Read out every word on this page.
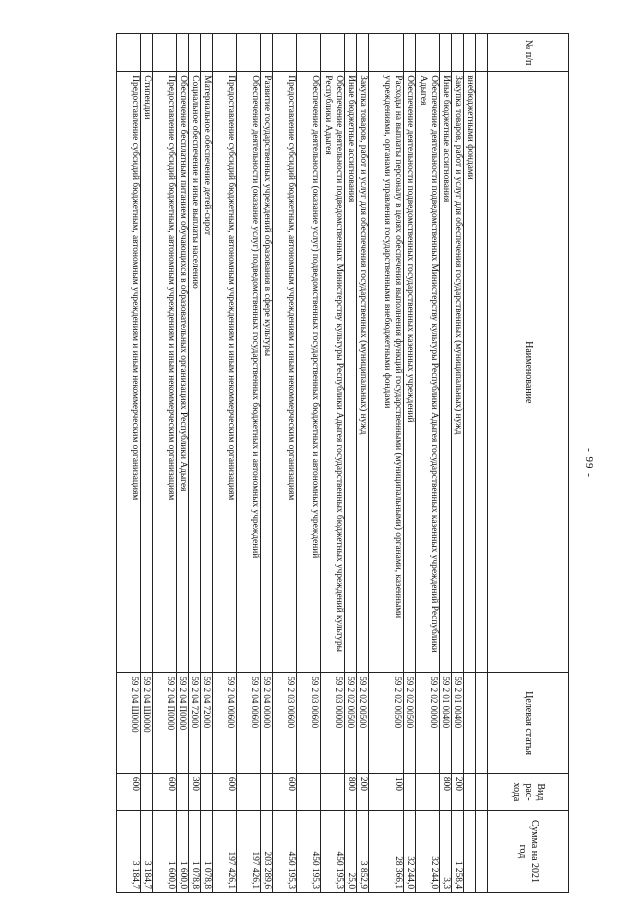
- 99 -
№ п/п	Наименование	Целевая статья	Вид рас-хода	Сумма на 2021 год

	внебюджетными фондами			
	Закупка товаров, работ и услуг для обеспечения государственных (муниципальных) нужд	59 2 01 00400	200	1 258,4
	Иные бюджетные ассигнования	59 2 01 00400	800	3,3
	Обеспечение деятельности подведомственных Министерству культуры Республики Адыгея государственных казенных учреждений Республики Адыгея	59 2 02 00000		32 244,0
	Обеспечение деятельности подведомственных государственных казенных учреждений	59 2 02 00500		32 244,0
	Расходы на выплаты персоналу в целях обеспечения выполнения функций государственными (муниципальными) органами, казенными учреждениями, органами управления государственными внебюджетными фондами	59 2 02 00500	100	28 366,1
	Закупка товаров, работ и услуг для обеспечения государственных (муниципальных) нужд	59 2 02 00500	200	3 852,9
	Иные бюджетные ассигнования	59 2 02 00500	800	25,0
	Обеспечение деятельности подведомственных Министерству культуры Республики Адыгея государственных бюджетных учреждений культуры Республики Адыгея	59 2 03 00000		450 195,3
	Обеспечение деятельности (оказание услуг) подведомственных государственных бюджетных и автономных учреждений	59 2 03 00600		450 195,3
	Предоставление субсидий бюджетным, автономным учреждениям и иным некоммерческим организациям	59 2 03 00600	600	450 195,3
	Развитие государственных учреждений образования в сфере культуры	59 2 04 00000		203 289,6
	Обеспечение деятельности (оказание услуг) подведомственных государственных бюджетных и автономных учреждений	59 2 04 00600		197 426,1
	Предоставление субсидий бюджетным, автономным учреждениям и иным некоммерческим организациям	59 2 04 00600	600	197 426,1
	Материальное обеспечение детей-сирот	59 2 04 72000		1 078,8
	Социальное обеспечение и иные выплаты населению	59 2 04 72000	300	1 078,8
	Обеспечение бесплатным питанием обучающихся в образовательных организациях Республики Адыгея	59 2 04 П0000		1 600,0
	Предоставление субсидий бюджетным, автономным учреждениям и иным некоммерческим организациям	59 2 04 П0000	600	1 600,0
	Стипендии	59 2 04 Ш0000		3 184,7
	Предоставление субсидий бюджетным, автономным учреждениям и иным некоммерческим организациям	59 2 04 Ш0000	600	3 184,7
